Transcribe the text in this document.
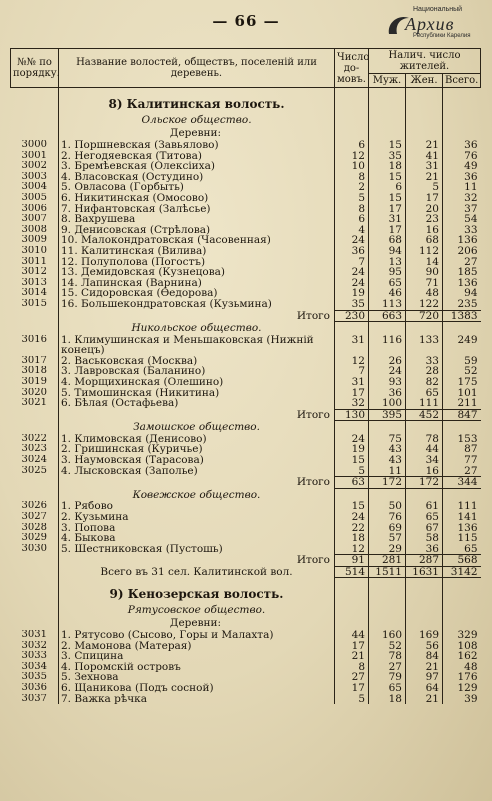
— 66 —
Национальный
Архив
Республики Карелия
№№ по порядку.	Название волостей, обществъ, поселеній или деревень.	Число до- мовъ.	Налич. число жителей.		
			Муж.	Жен.	Всего.
	8) Калитинская волость.				
	Ольское общество.				
	Деревни:				
3000	1. Поршневская (Завьялово)	6	15	21	36
3001	2. Негодяевская (Титова)	12	35	41	76
3002	3. Бремѣевская (Олексіиха)	10	18	31	49
3003	4. Власовская (Остудино)	8	15	21	36
3004	5. Овласова (Горбыть)	2	6	5	11
3005	6. Никитинская (Омосово)	5	15	17	32
3006	7. Нифантовская (Залѣсье)	8	17	20	37
3007	8. Вахрушева	6	31	23	54
3008	9. Денисовская (Стрѣлова)	4	17	16	33
3009	10. Малокондратовская (Часовенная)	24	68	68	136
3010	11. Калитинская (Вилива)	36	94	112	206
3011	12. Полуполова (Погостъ)	7	13	14	27
3012	13. Демидовская (Кузнецова)	24	95	90	185
3013	14. Лапинская (Варнина)	24	65	71	136
3014	15. Сидоровская (Ѳедорова)	19	46	48	94
3015	16. Большекондратовская (Кузьмина)	35	113	122	235
	Итого	230	663	720	1383
	Никольское общество.				
3016	1. Климушинская и Меньшаковская (Нижній	31	116	133	249
	конецъ)				
3017	2. Васьковская (Москва)	12	26	33	59
3018	3. Лавровская (Баланино)	7	24	28	52
3019	4. Морщихинская (Олешино)	31	93	82	175
3020	5. Тимошинская (Никитина)	17	36	65	101
3021	6. Бѣлая (Остафьева)	32	100	111	211
	Итого	130	395	452	847
	Замошское общество.				
3022	1. Климовская (Денисово)	24	75	78	153
3023	2. Гришинская (Куричье)	19	43	44	87
3024	3. Наумовская (Тарасова)	15	43	34	77
3025	4. Лысковская (Заполье)	5	11	16	27
	Итого	63	172	172	344
	Ковежское общество.				
3026	1. Рябово	15	50	61	111
3027	2. Кузьмина	24	76	65	141
3028	3. Попова	22	69	67	136
3029	4. Быкова	18	57	58	115
3030	5. Шестниковская (Пустошь)	12	29	36	65
	Итого	91	281	287	568
	Всего въ 31 сел. Калитинской вол.	514	1511	1631	3142
	9) Кенозерская волость.				
	Рятусовское общество.				
	Деревни:				
3031	1. Рятусово (Сысово, Горы и Малахта)	44	160	169	329
3032	2. Мамонова (Матерая)	17	52	56	108
3033	3. Спицина	21	78	84	162
3034	4. Поромскій островъ	8	27	21	48
3035	5. Зехнова	27	79	97	176
3036	6. Щаникова (Подъ сосной)	17	65	64	129
3037	7. Важка рѣчка	5	18	21	39
